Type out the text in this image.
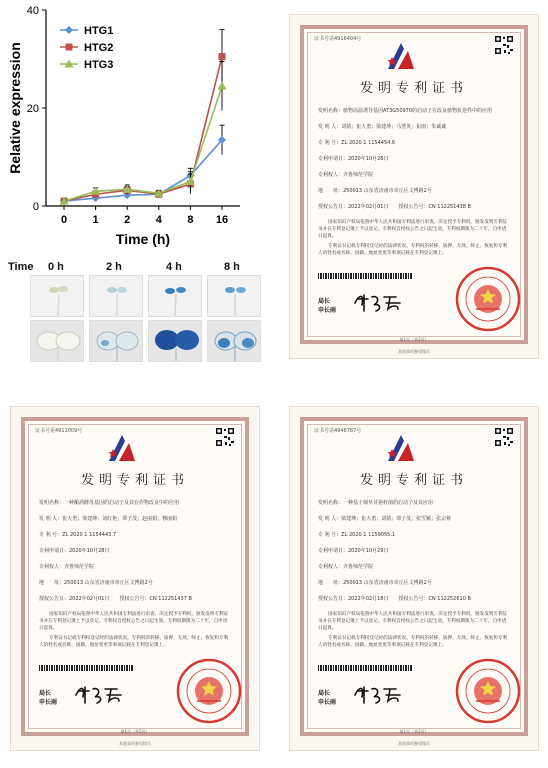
0
20
40
0 1 2 4 8 16
Time (h)
Relative expression
HTG1
HTG2
HTG3
Time 0 h	2 h	4 h	8 h
证书号第4916404号
发明专利证书
发明名称：植物高温诱导基因AT3G50970的启动子在改良植物抗逆性中的应用
发 明 人：刘婧；崔大勇；梁建坤；马慧英；崔雨；朱诚诚
专 利 号：ZL 2020 1 1154454.6
专利申请日：2020年10月28日
专利权人：齐鲁师范学院
地　　址：250013 山东省济南市章丘区文博路2号
授权公告日：2022年02月01日　　授权公告号：CN 112251438 B
国家知识产权局依照中华人民共和国专利法进行审查，决定授予专利权，颁发发明专利证书并在专利登记簿上予以登记。专利权自授权公告之日起生效。专利权期限为二十年，自申请日起算。
专利证书记载专利权登记时的法律状况。专利权的转移、质押、无效、终止、恢复和专利人的姓名或名称、国籍、地址变更等事项记载在专利登记簿上。
局长
申长雨
第1页（共2页）
其他事项参见续页
证书号第4911009号
发明专利证书
发明名称：一种酿酒酵母基因的启动子及其在作物改良中的应用
发 明 人：崔大勇；梁建坤；刘红艳；谭子茂；赵丽娟；穆丽娟
专 利 号：ZL 2020 1 1154443.7
专利申请日：2020年10月28日
专利权人：齐鲁师范学院
地　　址：250013 山东省济南市章丘区文博路2号
授权公告日：2022年02月01日　　授权公告号：CN 112251437 B
国家知识产权局依照中华人民共和国专利法进行审查，决定授予专利权，颁发发明专利证书并在专利登记簿上予以登记。专利权自授权公告之日起生效。专利权期限为二十年，自申请日起算。
专利证书记载专利权登记时的法律状况。专利权的转移、质押、无效、终止、恢复和专利人的姓名或名称、国籍、地址变更等事项记载在专利登记簿上。
局长
申长雨
第1页（共2页）
其他事项参见续页
证书号第4946787号
发明专利证书
发明名称：一种基于烟草芽孢杆菌的启动子及其应用
发 明 人：梁建坤；崔大勇；刘婧；谭子茂；张雪颖；张宗蔡
专 利 号：ZL 2020 1 1159055.1
专利申请日：2020年10月29日
专利权人：齐鲁师范学院
地　　址：250013 山东省济南市章丘区文博路2号
授权公告日：2022年02月18日　　授权公告号：CN 112252610 B
国家知识产权局依照中华人民共和国专利法进行审查，决定授予专利权，颁发发明专利证书并在专利登记簿上予以登记。专利权自授权公告之日起生效。专利权期限为二十年，自申请日起算。
专利证书记载专利权登记时的法律状况。专利权的转移、质押、无效、终止、恢复和专利人的姓名或名称、国籍、地址变更等事项记载在专利登记簿上。
局长
申长雨
第1页（共2页）
其他事项参见续页
